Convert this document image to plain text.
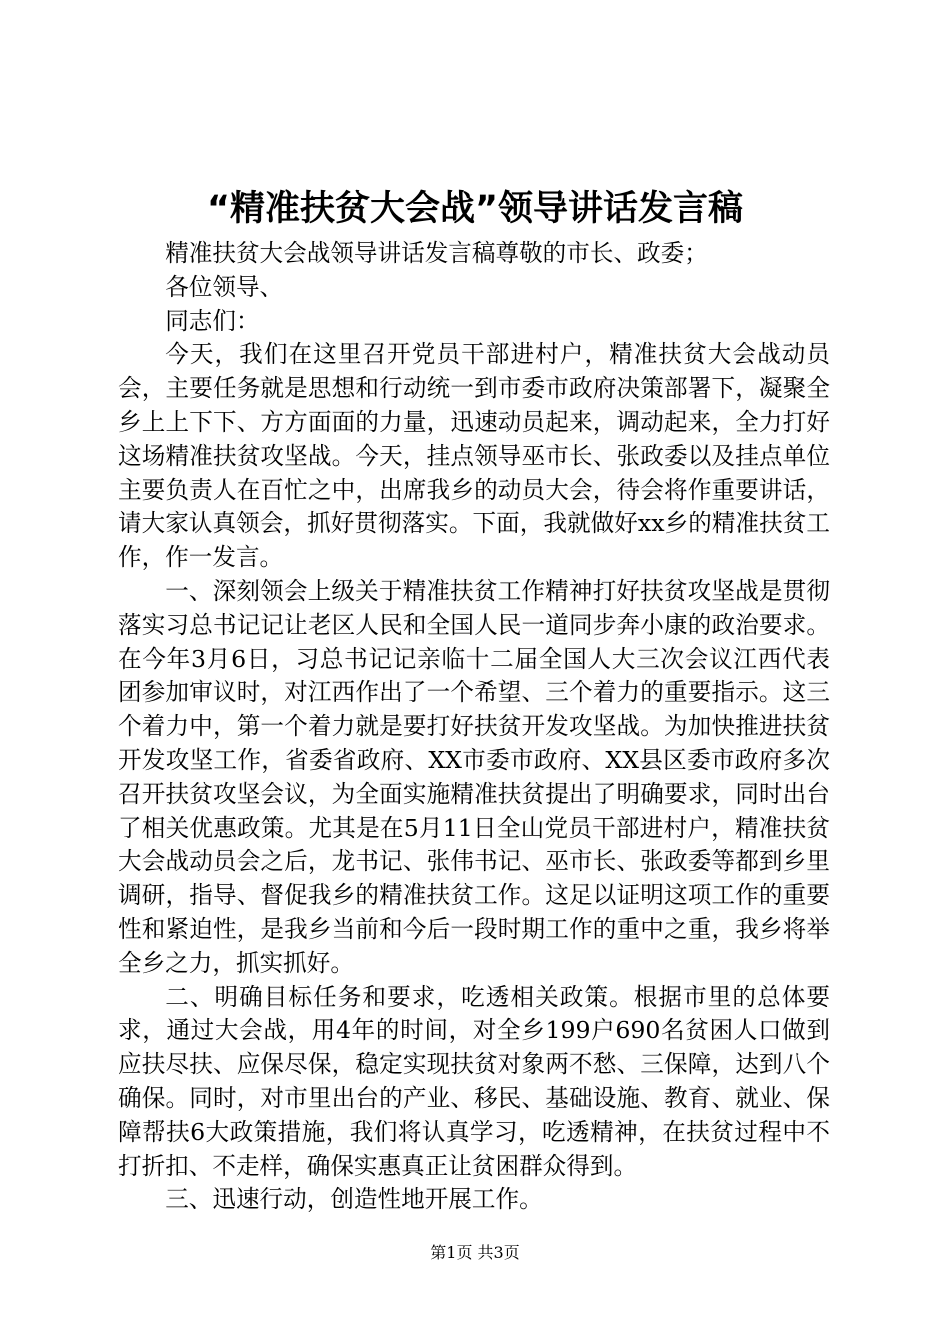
“精准扶贫大会战”领导讲话发言稿

精准扶贫大会战领导讲话发言稿尊敬的市长、政委；

各位领导、

同志们：

今天，我们在这里召开党员干部进村户，精准扶贫大会战动员会，主要任务就是思想和行动统一到市委市政府决策部署下，凝聚全乡上上下下、方方面面的力量，迅速动员起来，调动起来，全力打好这场精准扶贫攻坚战。今天，挂点领导巫市长、张政委以及挂点单位主要负责人在百忙之中，出席我乡的动员大会，待会将作重要讲话，请大家认真领会，抓好贯彻落实。下面，我就做好xx乡的精准扶贫工作，作一发言。

一、深刻领会上级关于精准扶贫工作精神打好扶贫攻坚战是贯彻落实习总书记记让老区人民和全国人民一道同步奔小康的政治要求。在今年3月6日，习总书记记亲临十二届全国人大三次会议江西代表团参加审议时，对江西作出了一个希望、三个着力的重要指示。这三个着力中，第一个着力就是要打好扶贫开发攻坚战。为加快推进扶贫开发攻坚工作，省委省政府、XX市委市政府、XX县区委市政府多次召开扶贫攻坚会议，为全面实施精准扶贫提出了明确要求，同时出台了相关优惠政策。尤其是在5月11日全山党员干部进村户，精准扶贫大会战动员会之后，龙书记、张伟书记、巫市长、张政委等都到乡里调研，指导、督促我乡的精准扶贫工作。这足以证明这项工作的重要性和紧迫性，是我乡当前和今后一段时期工作的重中之重，我乡将举全乡之力，抓实抓好。

二、明确目标任务和要求，吃透相关政策。根据市里的总体要求，通过大会战，用4年的时间，对全乡199户690名贫困人口做到应扶尽扶、应保尽保，稳定实现扶贫对象两不愁、三保障，达到八个确保。同时，对市里出台的产业、移民、基础设施、教育、就业、保障帮扶6大政策措施，我们将认真学习，吃透精神，在扶贫过程中不打折扣、不走样，确保实惠真正让贫困群众得到。

三、迅速行动，创造性地开展工作。

第1页 共3页
